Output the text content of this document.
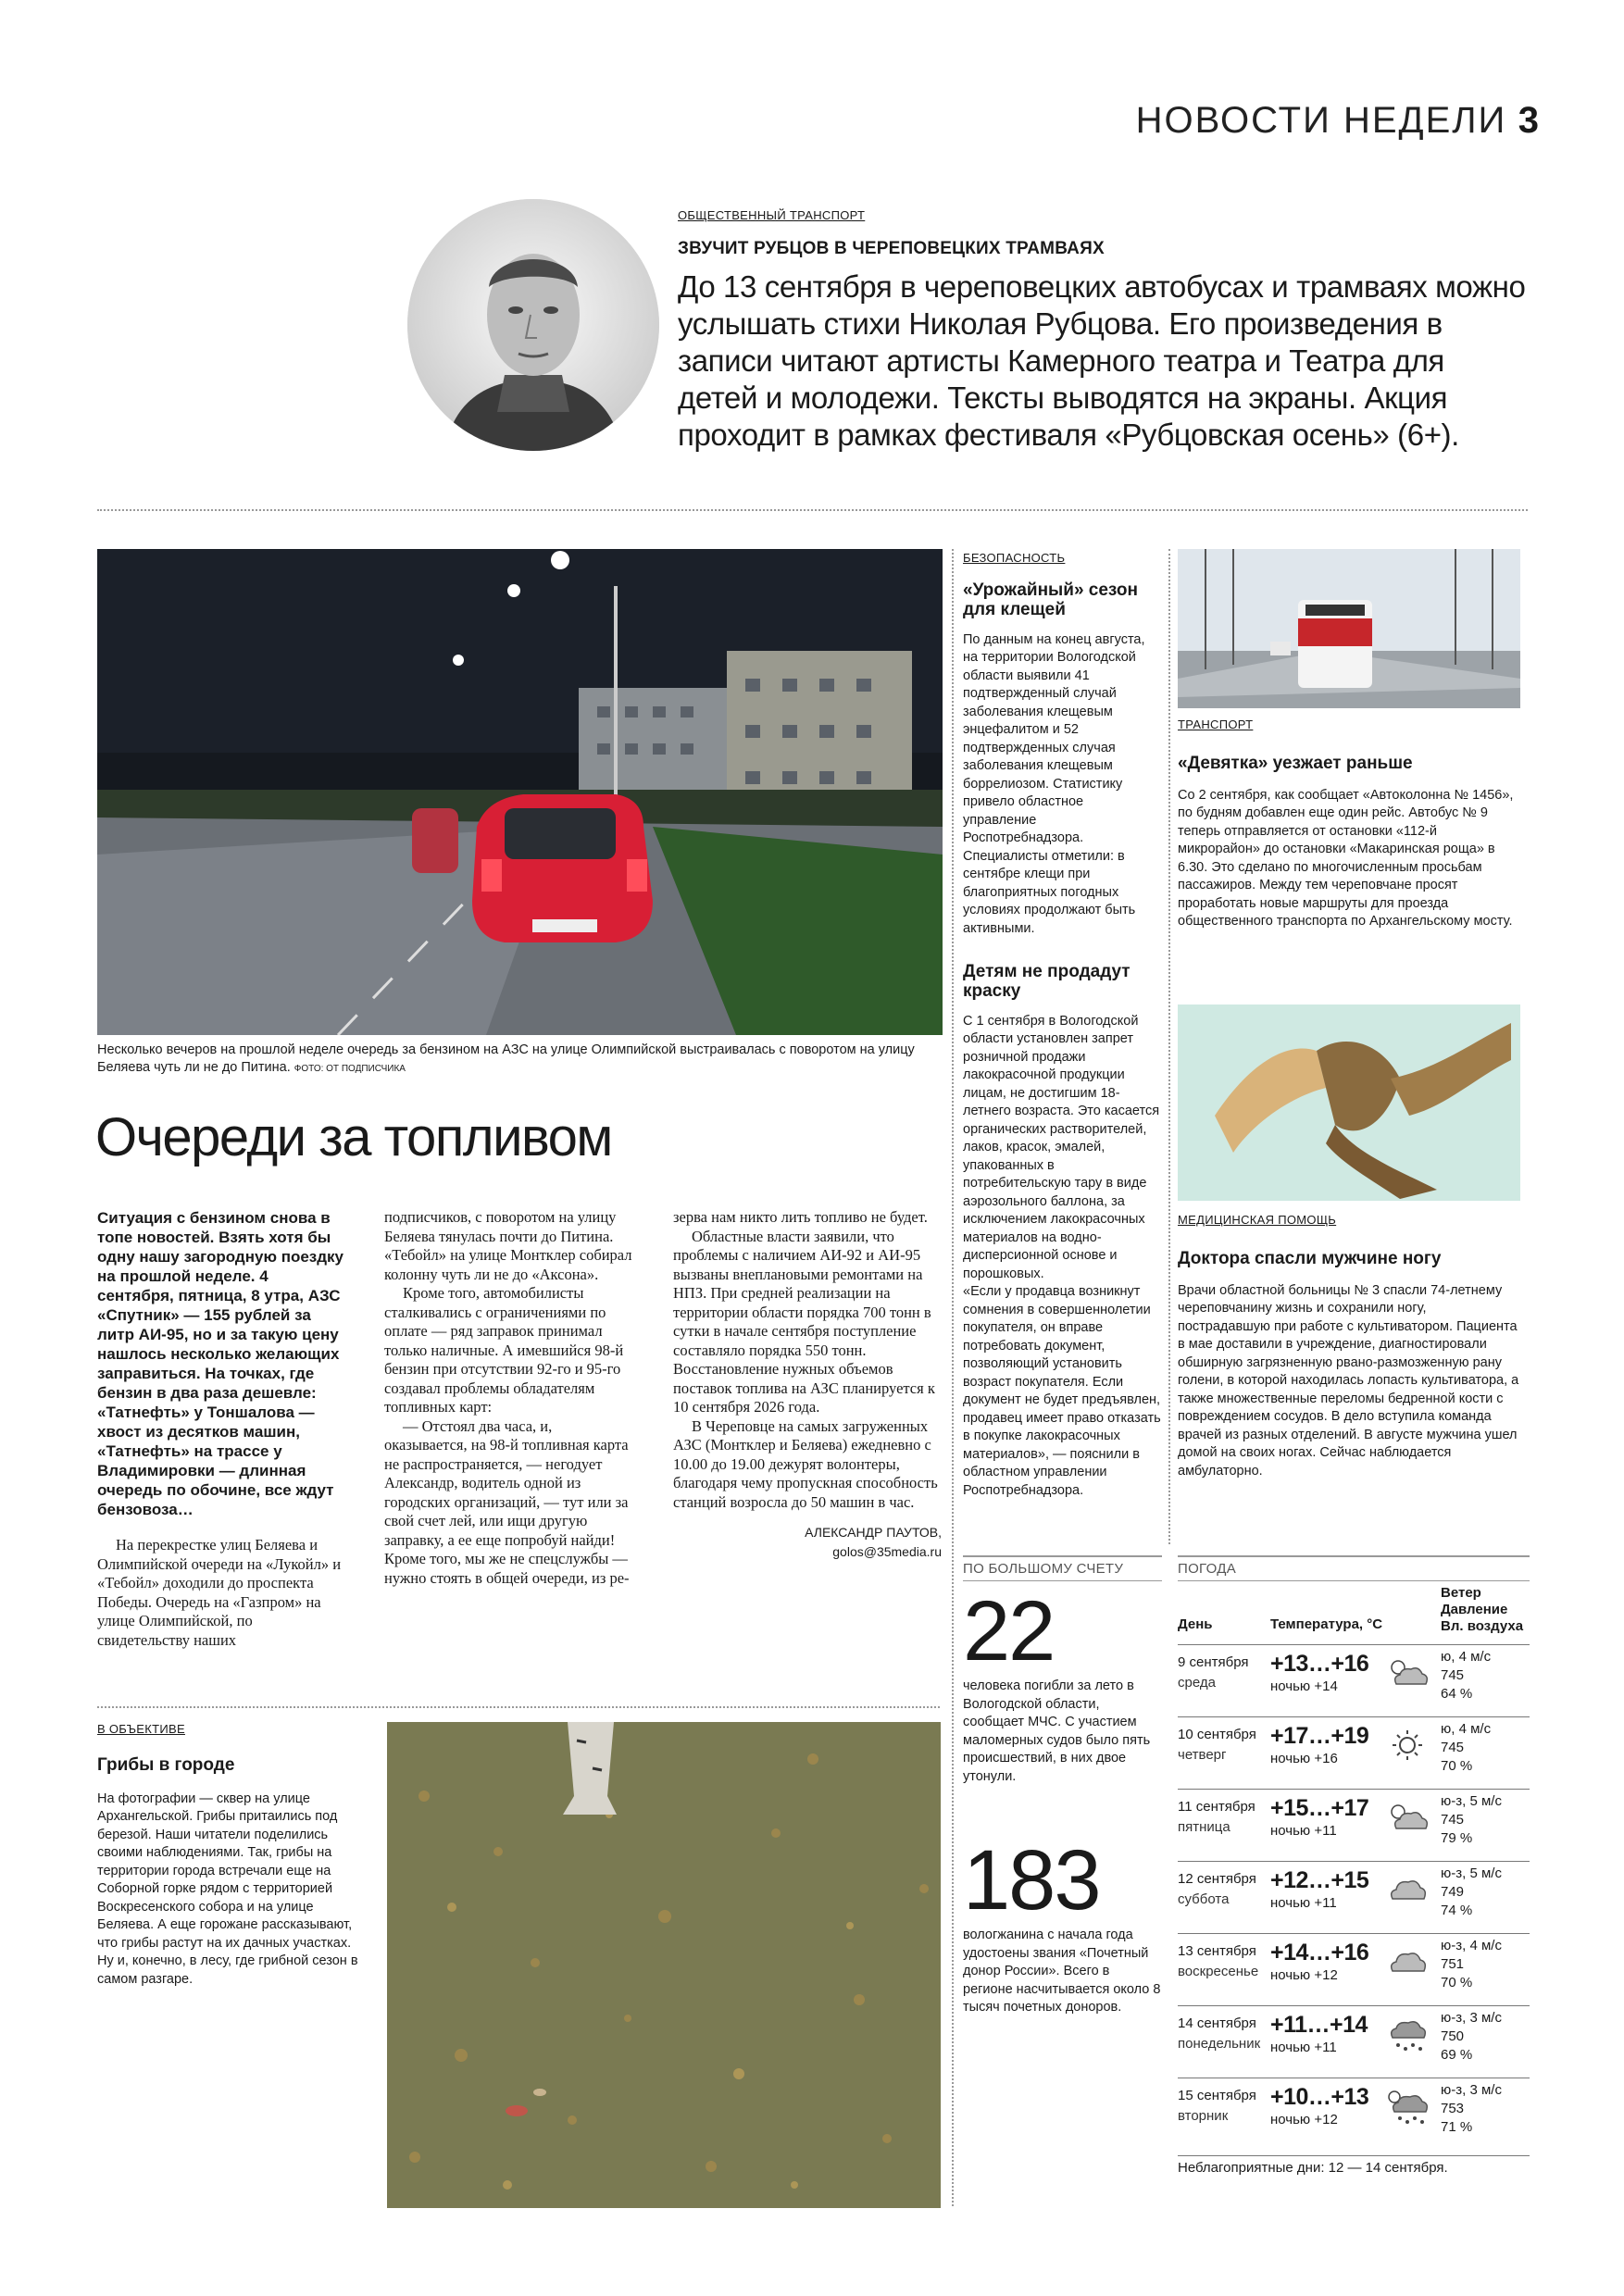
НОВОСТИ НЕДЕЛИ 3
ОБЩЕСТВЕННЫЙ ТРАНСПОРТ
ЗВУЧИТ РУБЦОВ В ЧЕРЕПОВЕЦКИХ ТРАМВАЯХ
До 13 сентября в череповецких автобусах и трамваях можно услышать стихи Николая Рубцова. Его произведения в записи читают артисты Камерного театра и Театра для детей и молодежи. Тексты выводятся на экраны. Акция проходит в рамках фестиваля «Рубцовская осень» (6+).
Несколько вечеров на прошлой неделе очередь за бензином на АЗС на улице Олимпийской выстраивалась с поворотом на улицу Беляева чуть ли не до Питина. ФОТО: ОТ ПОДПИСЧИКА
Очереди за топливом
Ситуация с бензином снова в топе новостей. Взять хотя бы одну нашу загородную поездку на прошлой неделе. 4 сентября, пятница, 8 утра, АЗС «Спутник» — 155 рублей за литр АИ-95, но и за такую цену нашлось несколько желающих заправиться. На точках, где бензин в два раза дешевле: «Татнефть» у Тоншалова — хвост из десятков машин, «Татнефть» на трассе у Владимировки — длинная очередь по обочине, все ждут бензовоза…
На перекрестке улиц Беляева и Олимпийской очереди на «Лукойл» и «Тебойл» доходили до проспекта Победы. Очередь на «Газпром» на улице Олимпийской, по свидетельству наших

подписчиков, с поворотом на улицу Беляева тянулась почти до Питина. «Тебойл» на улице Монтклер собирал колонну чуть ли не до «Аксона».

Кроме того, автомобилисты сталкивались с ограничениями по оплате — ряд заправок принимал только наличные. А имевшийся 98-й бензин при отсутствии 92-го и 95-го создавал проблемы обладателям топливных карт:

— Отстоял два часа, и, оказывается, на 98-й топливная карта не распространяется, — негодует Александр, водитель одной из городских организаций, — тут или за свой счет лей, или ищи другую заправку, а ее еще попробуй найди! Кроме того, мы же не спецслужбы — нужно стоять в общей очереди, из ре-

зерва нам никто лить топливо не будет.

Областные власти заявили, что проблемы с наличием АИ-92 и АИ-95 вызваны внеплановыми ремонтами на НПЗ. При средней реализации на территории области порядка 700 тонн в сутки в начале сентября поступление составляло порядка 550 тонн. Восстановление нужных объемов поставок топлива на АЗС планируется к 10 сентября 2026 года.

В Череповце на самых загруженных АЗС (Монтклер и Беляева) ежедневно с 10.00 до 19.00 дежурят волонтеры, благодаря чему пропускная способность станций возросла до 50 машин в час.

АЛЕКСАНДР ПАУТОВ,
golos@35media.ru
БЕЗОПАСНОСТЬ
«Урожайный» сезон для клещей
По данным на конец августа, на территории Вологодской области выявили 41 подтвержденный случай заболевания клещевым энцефалитом и 52 подтвержденных случая заболевания клещевым боррелиозом. Статистику привело областное управление Роспотребнадзора. Специалисты отметили: в сентябре клещи при благоприятных погодных условиях продолжают быть активными.
Детям не продадут краску
С 1 сентября в Вологодской области установлен запрет розничной продажи лакокрасочной продукции лицам, не достигшим 18-летнего возраста. Это касается органических растворителей, лаков, красок, эмалей, упакованных в потребительскую тару в виде аэрозольного баллона, за исключением лакокрасочных материалов на водно-дисперсионной основе и порошковых.
«Если у продавца возникнут сомнения в совершеннолетии покупателя, он вправе потребовать документ, позволяющий установить возраст покупателя. Если документ не будет предъявлен, продавец имеет право отказать в покупке лакокрасочных материалов», — пояснили в областном управлении Роспотребнадзора.
ТРАНСПОРТ
«Девятка» уезжает раньше
Со 2 сентября, как сообщает «Автоколонна № 1456», по будням добавлен еще один рейс. Автобус № 9 теперь отправляется от остановки «112-й микрорайон» до остановки «Макаринская роща» в 6.30. Это сделано по многочисленным просьбам пассажиров. Между тем череповчане просят проработать новые маршруты для проезда общественного транспорта по Архангельскому мосту.
МЕДИЦИНСКАЯ ПОМОЩЬ
Доктора спасли мужчине ногу
Врачи областной больницы № 3 спасли 74-летнему череповчанину жизнь и сохранили ногу, пострадавшую при работе с культиватором. Пациента в мае доставили в учреждение, диагностировали обширную загрязненную рвано-размозженную рану голени, в которой находилась лопасть культиватора, а также множественные переломы бедренной кости с повреждением сосудов. В дело вступила команда врачей из разных отделений. В августе мужчина ушел домой на своих ногах. Сейчас наблюдается амбулаторно.
В ОБЪЕКТИВЕ
Грибы в городе
На фотографии — сквер на улице Архангельской. Грибы притаились под березой. Наши читатели поделились своими наблюдениями. Так, грибы на территории города встречали еще на Соборной горке рядом с территорией Воскресенского собора и на улице Беляева. А еще горожане рассказывают, что грибы растут на их дачных участках. Ну и, конечно, в лесу, где грибной сезон в самом разгаре.
ПО БОЛЬШОМУ СЧЕТУ
22
человека погибли за лето в Вологодской области, сообщает МЧС. С участием маломерных судов было пять происшествий, в них двое утонули.
183
вологжанина с начала года удостоены звания «Почетный донор России». Всего в регионе насчитывается около 8 тысяч почетных доноров.
ПОГОДА
День	Температура, °С
Ветер
Давление
Вл. воздуха
9 сентября
среда
+13…+16
ночью +14
ю, 4 м/с
745
64 %
10 сентября
четверг
+17…+19
ночью +16
ю, 4 м/с
745
70 %
11 сентября
пятница
+15…+17
ночью +11
ю-з, 5 м/с
745
79 %
12 сентября
суббота
+12…+15
ночью +11
ю-з, 5 м/с
749
74 %
13 сентября
воскресенье
+14…+16
ночью +12
ю-з, 4 м/с
751
70 %
14 сентября
понедельник
+11…+14
ночью +11
ю-з, 3 м/с
750
69 %
15 сентября
вторник
+10…+13
ночью +12
ю-з, 3 м/с
753
71 %
Неблагоприятные дни: 12 — 14 сентября.
